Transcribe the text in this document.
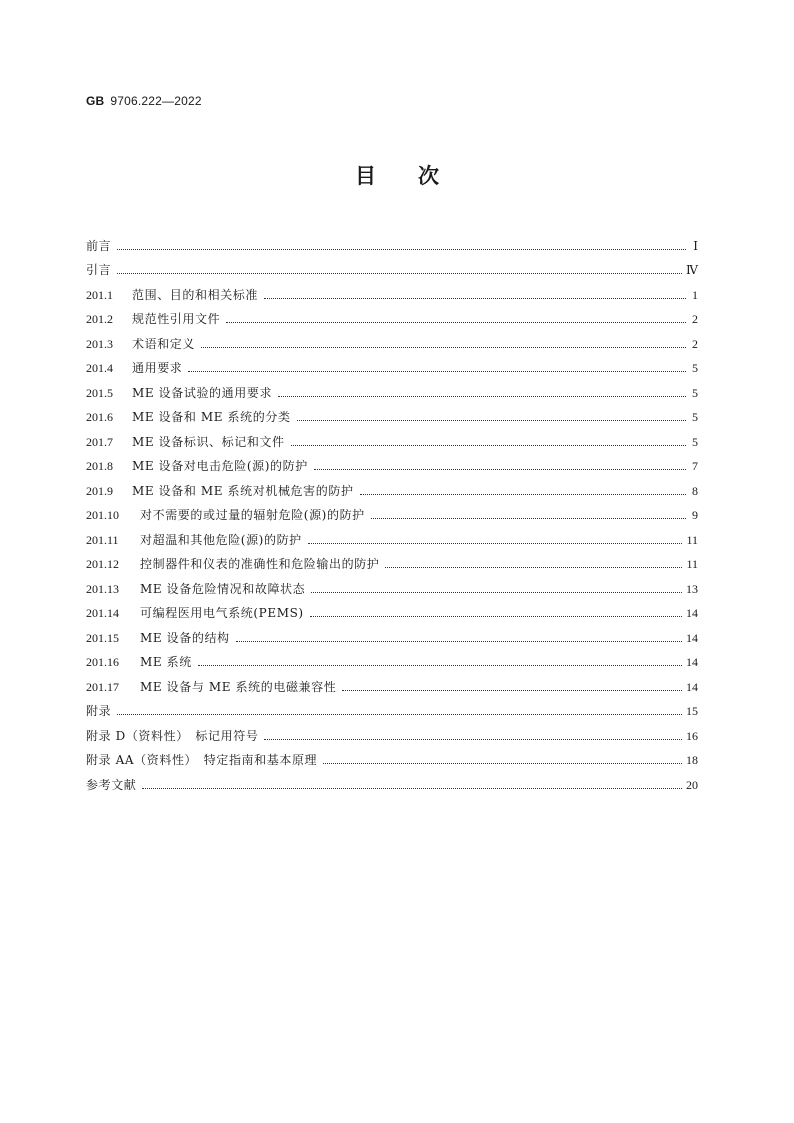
GB 9706.222—2022
目　　次
前言	Ⅰ
引言	Ⅳ
201.1	范围、目的和相关标准	1
201.2	规范性引用文件	2
201.3	术语和定义	2
201.4	通用要求	5
201.5	ME 设备试验的通用要求	5
201.6	ME 设备和 ME 系统的分类	5
201.7	ME 设备标识、标记和文件	5
201.8	ME 设备对电击危险(源)的防护	7
201.9	ME 设备和 ME 系统对机械危害的防护	8
201.10	对不需要的或过量的辐射危险(源)的防护	9
201.11	对超温和其他危险(源)的防护	11
201.12	控制器件和仪表的准确性和危险输出的防护	11
201.13	ME 设备危险情况和故障状态	13
201.14	可编程医用电气系统(PEMS)	14
201.15	ME 设备的结构	14
201.16	ME 系统	14
201.17	ME 设备与 ME 系统的电磁兼容性	14
附录	15
附录 D（资料性）　标记用符号	16
附录 AA（资料性）　特定指南和基本原理	18
参考文献	20
